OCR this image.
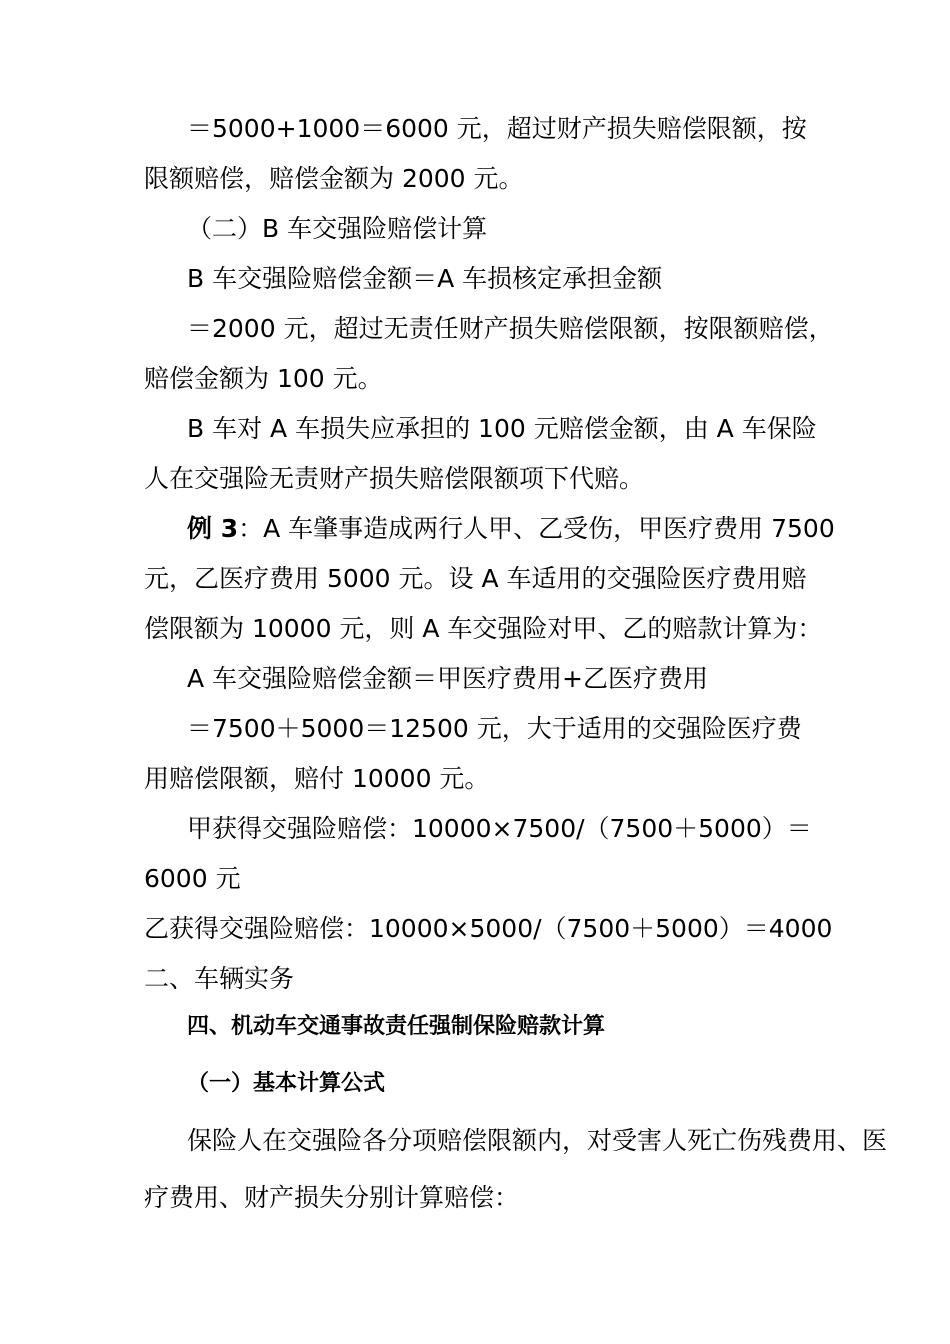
＝5000+1000＝6000 元，超过财产损失赔偿限额，按
限额赔偿，赔偿金额为 2000 元。
（二）B 车交强险赔偿计算
B 车交强险赔偿金额＝A 车损核定承担金额
＝2000 元，超过无责任财产损失赔偿限额，按限额赔偿，
赔偿金额为 100 元。
B 车对 A 车损失应承担的 100 元赔偿金额，由 A 车保险
人在交强险无责财产损失赔偿限额项下代赔。
例 3：A 车肇事造成两行人甲、乙受伤，甲医疗费用 7500
元，乙医疗费用 5000 元。设 A 车适用的交强险医疗费用赔
偿限额为 10000 元，则 A 车交强险对甲、乙的赔款计算为：
A 车交强险赔偿金额＝甲医疗费用+乙医疗费用
＝7500＋5000＝12500 元，大于适用的交强险医疗费
用赔偿限额，赔付 10000 元。
甲获得交强险赔偿：10000×7500/（7500＋5000）＝
6000 元
乙获得交强险赔偿：10000×5000/（7500＋5000）＝4000
二、车辆实务
四、机动车交通事故责任强制保险赔款计算
（一）基本计算公式
保险人在交强险各分项赔偿限额内，对受害人死亡伤残费用、医
疗费用、财产损失分别计算赔偿：
